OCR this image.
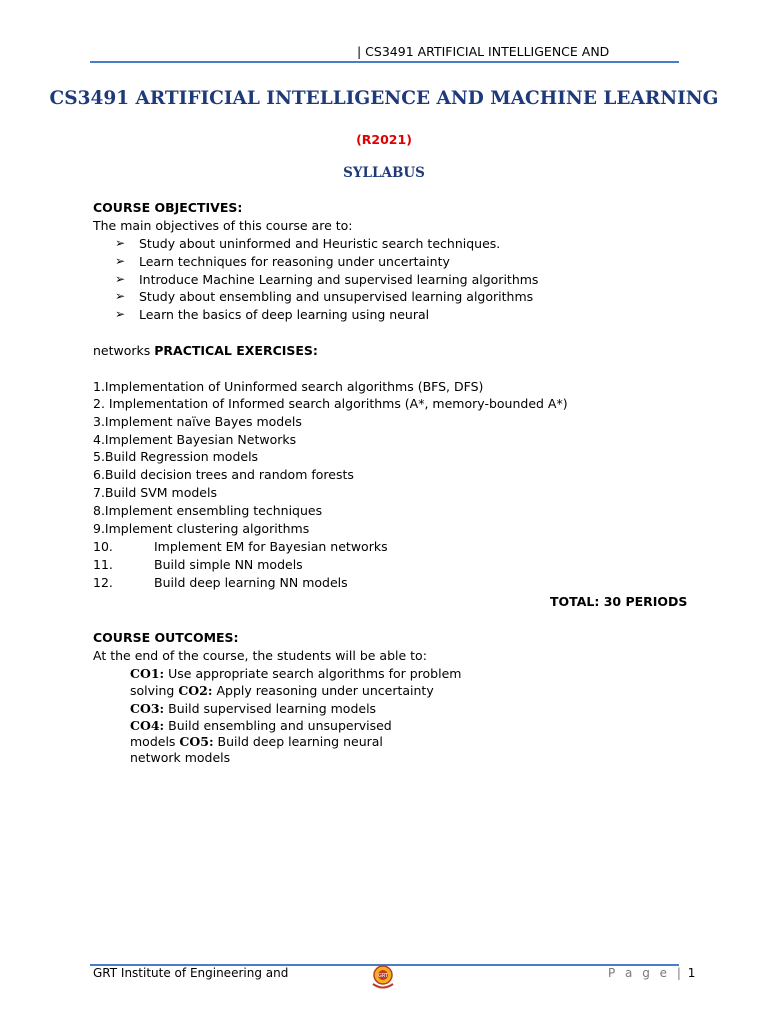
| CS3491 ARTIFICIAL INTELLIGENCE AND
CS3491 ARTIFICIAL INTELLIGENCE AND MACHINE LEARNING
(R2021)
SYLLABUS
COURSE OBJECTIVES:
The main objectives of this course are to:
➢ Study about uninformed and Heuristic search techniques.
➢ Learn techniques for reasoning under uncertainty
➢ Introduce Machine Learning and supervised learning algorithms
➢ Study about ensembling and unsupervised learning algorithms
➢ Learn the basics of deep learning using neural
networks PRACTICAL EXERCISES:
1.Implementation of Uninformed search algorithms (BFS, DFS)
2. Implementation of Informed search algorithms (A*, memory-bounded A*)
3.Implement naïve Bayes models
4.Implement Bayesian Networks
5.Build Regression models
6.Build decision trees and random forests
7.Build SVM models
8.Implement ensembling techniques
9.Implement clustering algorithms
10.	Implement EM for Bayesian networks
11.	Build simple NN models
12.	Build deep learning NN models
TOTAL: 30 PERIODS
COURSE OUTCOMES:
At the end of the course, the students will be able to:
CO1: Use appropriate search algorithms for problem
solving CO2: Apply reasoning under uncertainty
CO3: Build supervised learning models
CO4: Build ensembling and unsupervised
models CO5: Build deep learning neural
network models
GRT Institute of Engineering and	GRT	P a g e | 1
